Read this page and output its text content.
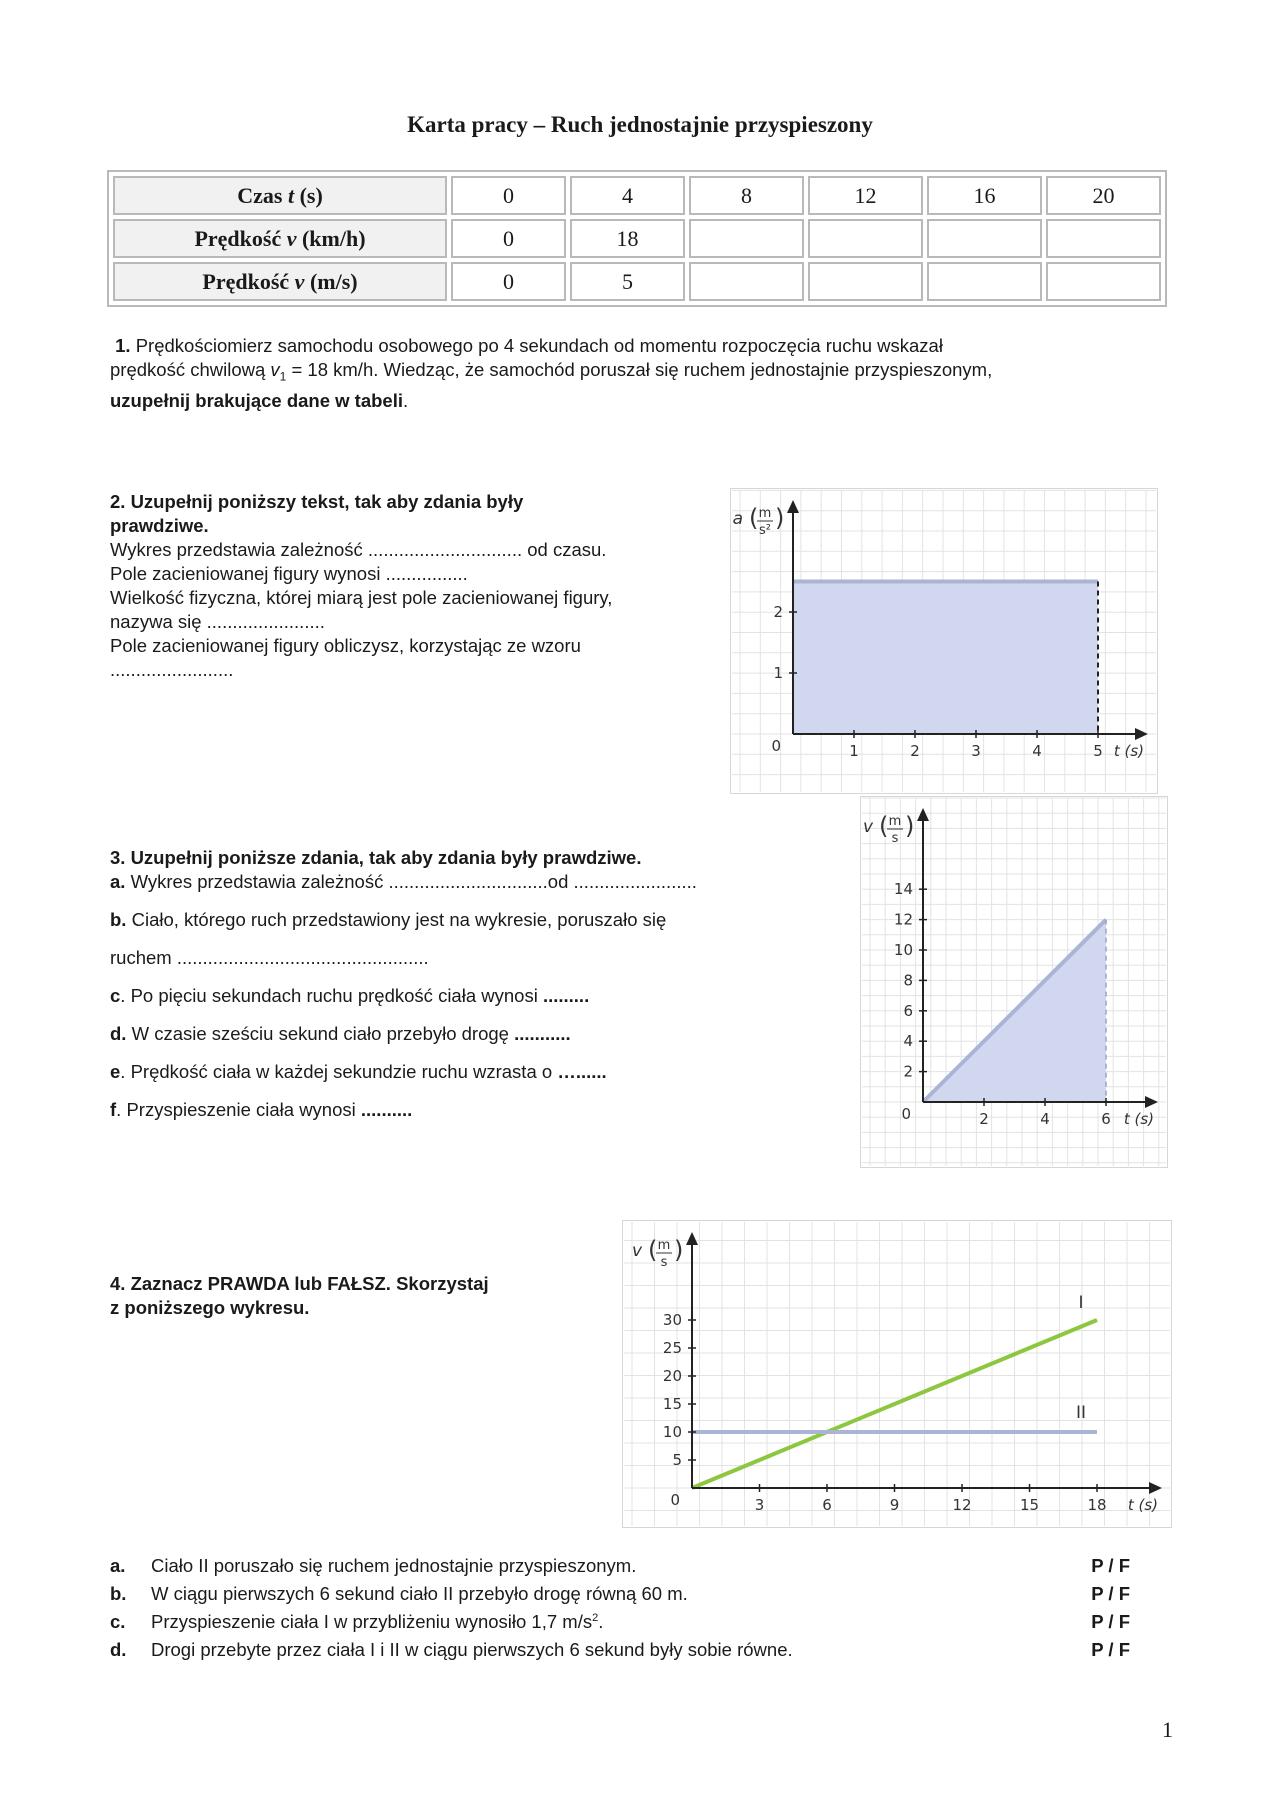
Karta pracy – Ruch jednostajnie przyspieszony
Czas t (s)	0	4	8	12	16	20
Prędkość v (km/h)	0	18				
Prędkość v (m/s)	0	5				
1. Prędkościomierz samochodu osobowego po 4 sekundach od momentu rozpoczęcia ruchu wskazał
prędkość chwilową $v_1 = 18$ km/h. Wiedząc, że samochód poruszał się ruchem jednostajnie przyspieszonym,
uzupełnij brakujące dane w tabeli.
2. Uzupełnij poniższy tekst, tak aby zdania były
prawdziwe.
Wykres przedstawia zależność .............................. od czasu.
Pole zacieniowanej figury wynosi ................
Wielkość fizyczna, której miarą jest pole zacieniowanej figury,
nazywa się .......................
Pole zacieniowanej figury obliczysz, korzystając ze wzoru
........................
1	2	3	4	5
1
2
0	t (s)
a ( m
s² )
3. Uzupełnij poniższe zdania, tak aby zdania były prawdziwe.
a. Wykres przedstawia zależność ...............................od ........................
b. Ciało, którego ruch przedstawiony jest na wykresie, poruszało się
ruchem .................................................
c. Po pięciu sekundach ruchu prędkość ciała wynosi .........
d. W czasie sześciu sekund ciało przebyło drogę ...........
e. Prędkość ciała w każdej sekundzie ruchu wzrasta o …......
f. Przyspieszenie ciała wynosi ..........	2	4	6
2
4
6
8
10
12
14
0	t (s)
v ( m
s )
4. Zaznacz PRAWDA lub FAŁSZ. Skorzystaj
z poniższego wykresu.	I
II
3	6	9	12	15	18
5
10
15
20
25
30
0	t (s)
v ( m
s )
a. Ciało II poruszało się ruchem jednostajnie przyspieszonym.	P / F
b. W ciągu pierwszych 6 sekund ciało II przebyło drogę równą 60 m.	P / F
c. Przyspieszenie ciała I w przybliżeniu wynosiło 1,7 $m/s^2$.	P / F
d. Drogi przebyte przez ciała I i II w ciągu pierwszych 6 sekund były sobie równe.	P / F
1
